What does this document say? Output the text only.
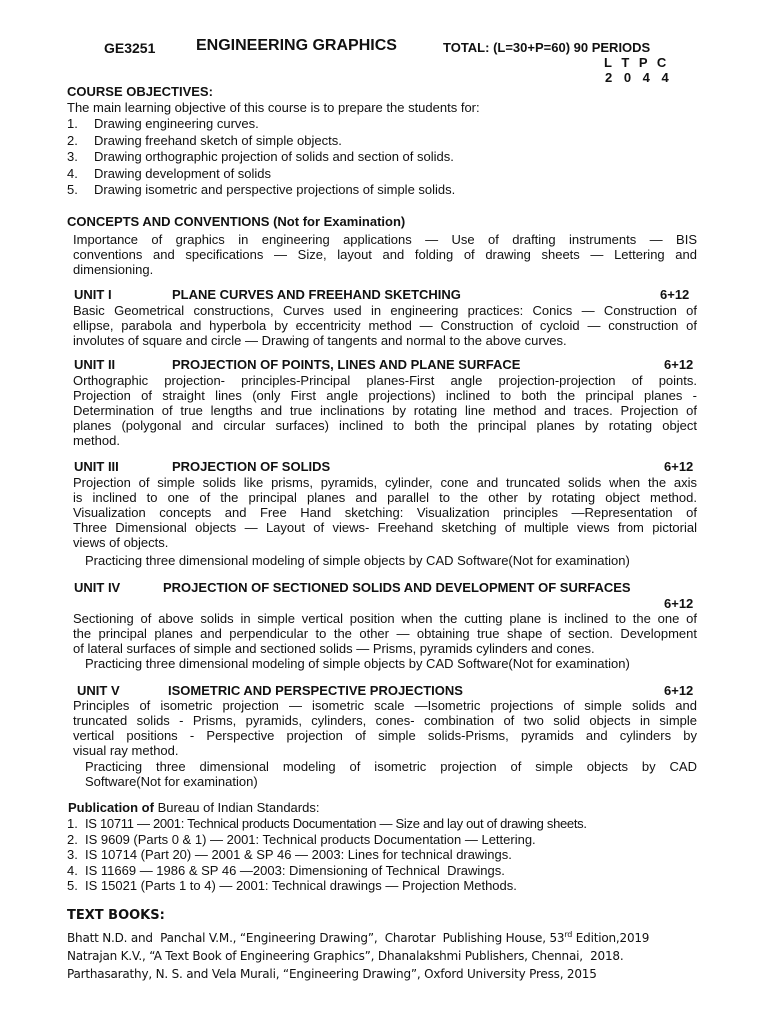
GE3251	ENGINEERING GRAPHICS	TOTAL: (L=30+P=60) 90 PERIODS
L T P C
2 0 4 4
COURSE OBJECTIVES:
The main learning objective of this course is to prepare the students for:
1. Drawing engineering curves.
2. Drawing freehand sketch of simple objects.
3. Drawing orthographic projection of solids and section of solids.
4. Drawing development of solids
5. Drawing isometric and perspective projections of simple solids.
CONCEPTS AND CONVENTIONS (Not for Examination)
Importance of graphics in engineering applications — Use of drafting instruments — BIS
conventions and specifications — Size, layout and folding of drawing sheets — Lettering and
dimensioning.
UNIT I	PLANE CURVES AND FREEHAND SKETCHING	6+12
Basic Geometrical constructions, Curves used in engineering practices: Conics — Construction of
ellipse, parabola and hyperbola by eccentricity method — Construction of cycloid — construction of
involutes of square and circle — Drawing of tangents and normal to the above curves.
UNIT II	PROJECTION OF POINTS, LINES AND PLANE SURFACE	6+12
Orthographic projection- principles-Principal planes-First angle projection-projection of points.
Projection of straight lines (only First angle projections) inclined to both the principal planes -
Determination of true lengths and true inclinations by rotating line method and traces. Projection of
planes (polygonal and circular surfaces) inclined to both the principal planes by rotating object
method.
UNIT III	PROJECTION OF SOLIDS	6+12
Projection of simple solids like prisms, pyramids, cylinder, cone and truncated solids when the axis
is inclined to one of the principal planes and parallel to the other by rotating object method.
Visualization concepts and Free Hand sketching: Visualization principles —Representation of
Three Dimensional objects — Layout of views- Freehand sketching of multiple views from pictorial
views of objects.
Practicing three dimensional modeling of simple objects by CAD Software(Not for examination)
UNIT IV	PROJECTION OF SECTIONED SOLIDS AND DEVELOPMENT OF SURFACES
6+12
Sectioning of above solids in simple vertical position when the cutting plane is inclined to the one of
the principal planes and perpendicular to the other — obtaining true shape of section. Development
of lateral surfaces of simple and sectioned solids — Prisms, pyramids cylinders and cones.
Practicing three dimensional modeling of simple objects by CAD Software(Not for examination)
UNIT V	ISOMETRIC AND PERSPECTIVE PROJECTIONS	6+12
Principles of isometric projection — isometric scale —Isometric projections of simple solids and
truncated solids - Prisms, pyramids, cylinders, cones- combination of two solid objects in simple
vertical positions - Perspective projection of simple solids-Prisms, pyramids and cylinders by
visual ray method.
Practicing three dimensional modeling of isometric projection of simple objects by CAD
Software(Not for examination)
Publication of Bureau of Indian Standards:
1. IS 10711 — 2001: Technical products Documentation — Size and lay out of drawing sheets.
2. IS 9609 (Parts 0 & 1) — 2001: Technical products Documentation — Lettering.
3. IS 10714 (Part 20) — 2001 & SP 46 — 2003: Lines for technical drawings.
4. IS 11669 — 1986 & SP 46 —2003: Dimensioning of Technical  Drawings.
5. IS 15021 (Parts 1 to 4) — 2001: Technical drawings — Projection Methods.
TEXT BOOKS:
Bhatt N.D. and  Panchal V.M., “Engineering Drawing”,  Charotar  Publishing House, 53rd Edition,2019
Natrajan K.V., “A Text Book of Engineering Graphics”, Dhanalakshmi Publishers, Chennai,  2018.
Parthasarathy, N. S. and Vela Murali, “Engineering Drawing”, Oxford University Press, 2015
